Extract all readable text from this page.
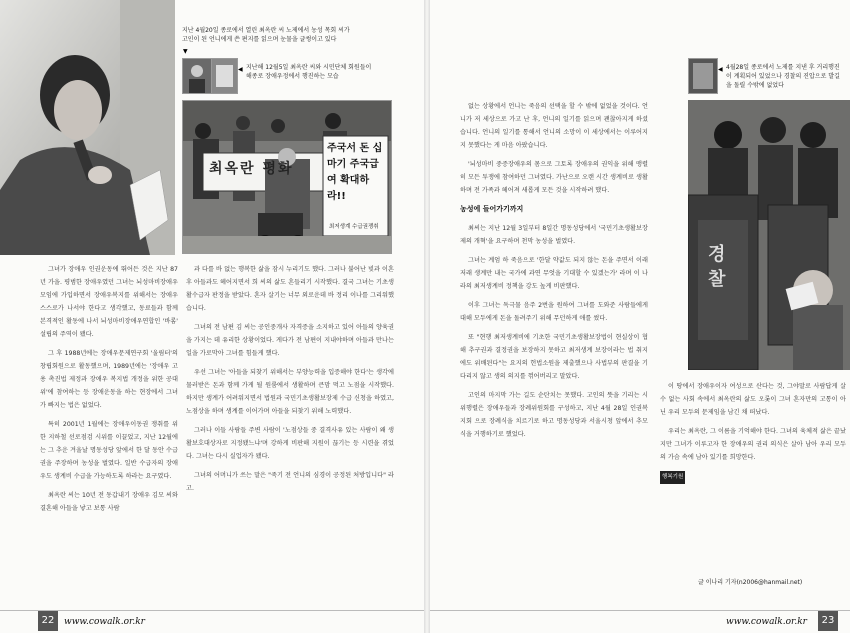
지난 4월20일 종로에서 열린 최옥란 씨 노제에서 농성 목회 씨가 고인이 된 언니에게 쓴 편지를 읽으며 눈물을 글썽이고 있다
▼
◀ 지난해 12월5일 최옥란 씨와 시민단체 회원들이 해종로 장애우정에서 행진하는 모습
최옥란 평화
주국서 돈 십마기 주국급여 확대하라!!
최저생계 수급권쟁취

그녀가 장애우 인권운동에 뛰어든 것은 지난 87년 가을. 평범한 장애우였던 그녀는 뇌성마비장애우 모임에 가입하면서 장애우복지를 위해서는 장애우 스스로가 나서야 한다고 생각했고, 동료들과 함께 본격적인 활동에 나서 뇌성마비장애우연합인 '바롬' 설립의 주역이 됐다.

그 후 1988년에는 장애우문제연구회 '울림터'의 창립회원으로 활동했으며, 1989년에는 '장애우 고용 촉진법 제정과 장애우 복지법 개정을 위한 공대위'에 참여하는 등 장애운동을 하는 현장에서 그녀가 빠지는 법은 없었다.

특히 2001년 1월에는 장애우이동권 쟁취를 위한 지하철 선로점검 시위를 이끌었고, 지난 12월에는 그 추운 겨울날 명동성당 앞에서 한 달 동안 수급권을 주장하며 농성을 벌였다. 일반 수급자의 장애우도 생계비 수급을 가능하도록 하라는 요구였다.

최옥란 씨는 10년 전 동갑내기 장애우 김모 씨와 결혼해 아들을 낳고 보통 사람

과 다를 바 없는 행복한 삶을 잠시 누리기도 했다. 그러나 불어난 빚과 이혼 후 아들과도 헤어지면서 희 씨의 삶도 흔들리기 시작했다. 결국 그녀는 기초생활수급자 판정을 받았다. 혼자 살기는 너무 외로운데 바 정리 이나를 그리워했습니다.

그녀의 전 남편 김 씨는 공인중개사 자격증을 소지하고 있어 아들의 양육권을 가지는 데 유리한 상황이었다. 게다가 전 남편이 지내야하며 아들과 만나는 일을 가로막아 그녀를 힘들게 했다.

우선 그녀는 '아들을 되찾기 위해서는 부양능력을 입증해야 한다'는 생각에 물러받은 돈과 함께 가게 될 원룸에서 생활하며 큰맘 먹고 노점을 시작했다. 하지만 생계가 어려워지면서 법원과 국민기초생활보장제 수급 신청을 하였고, 노점상을 하며 생계를 이어가며 아들을 되찾기 위해 노력했다.

그러나 이들 사람들 주변 사람이 '노점상들 중 결격사유 있는 사람이 왜 생활보호대상자로 지정됐느냐'며 강하게 비판해 지원이 끊기는 등 시련을 겪었다. 그녀는 다시 실업자가 됐다.

그녀의 어머니가 쓰는 말은 "죽기 전 언니의 심경이 공정된 처방입니다" 라고.

22	www.cowalk.or.kr

없는 상황에서 언니는 죽음의 선택을 할 수 밖에 없었을 것이다. 언니가 저 세상으로 가고 난 후, 언니의 일기를 읽으며 괜찮아지게 하셨습니다. 언니의 일기를 통해서 언니의 소망이 이 세상에서는 이루어지지 못했다는 게 마음 아팠습니다.

'뇌성마비 중증장애우의 몸으로 그토록 장애우의 권익을 위해 맹렬히 모든 투쟁에 참여하던 그녀였다. 가난으로 오랜 시간 생계비로 생활하며 전 가족과 헤어져 새롭게 모든 것을 시작하려 했다.

농성에 들어가기까지

최씨는 지난 12월 3일부터 8일간 명동성당에서 '국민기초생활보장제의 개혁'을 요구하며 천막 농성을 벌였다.

그녀는 계엄 하 죽음으로 '한달 약값도 되지 않는 돈을 주면서 이래 저래 생계만 내는 국가에 과연 무엇을 기대할 수 있겠는가' 라며 이 나라의 최저생계비 정책을 강도 높게 비판했다.

이후 그녀는 독극물 음주 2번을 원하여 그녀를 도와준 사람들에게 대해 모두에게 돈을 돌려주기 위해 무던하게 애를 썼다.

또 "현행 최저생계비에 기초한 국민기초생활보장법이 현실상이 협해 추구권과 결정권을 보장하지 못하고 최저생계 보장이라는 법 취지에도 위배된다"는 요지의 헌법소원을 제출했으나 사법부의 판결을 기다리지 않고 생의 의지를 꺾어버리고 말았다.

고인의 마지막 가는 길도 순탄치는 못했다. 고인의 뜻을 기리는 시위행렬은 장애우들과 장례위원회를 구성하고, 지난 4월 28일 인권복지회 으로 장례식을 치르기로 하고 명동성당과 서울시청 앞에서 추모식을 거행하기로 했었다.

◀ 4월28일 종로에서 노제를 지낸 후 거리행진이 계획되어 있었으나 경찰의 진압으로 발길을 돌릴 수밖에 없었다
경
찰

이 땅에서 장애우이자 여성으로 산다는 것, 그야말로 사람답게 살 수 없는 사회 속에서 최옥란의 삶도 오롯이 그녀 혼자만의 고통이 아닌 우리 모두의 문제임을 남긴 채 떠났다.

우리는 최옥란, 그 이름을 기억해야 한다. 그녀의 육체적 삶은 끝났지만 그녀가 이루고자 한 장애우의 권리 의식은 살아 남아 우리 모두의 가슴 속에 남아 있기를 희망한다.

행복기원
글 이나리 기자(n2006@hanmail.net)
www.cowalk.or.kr	23
